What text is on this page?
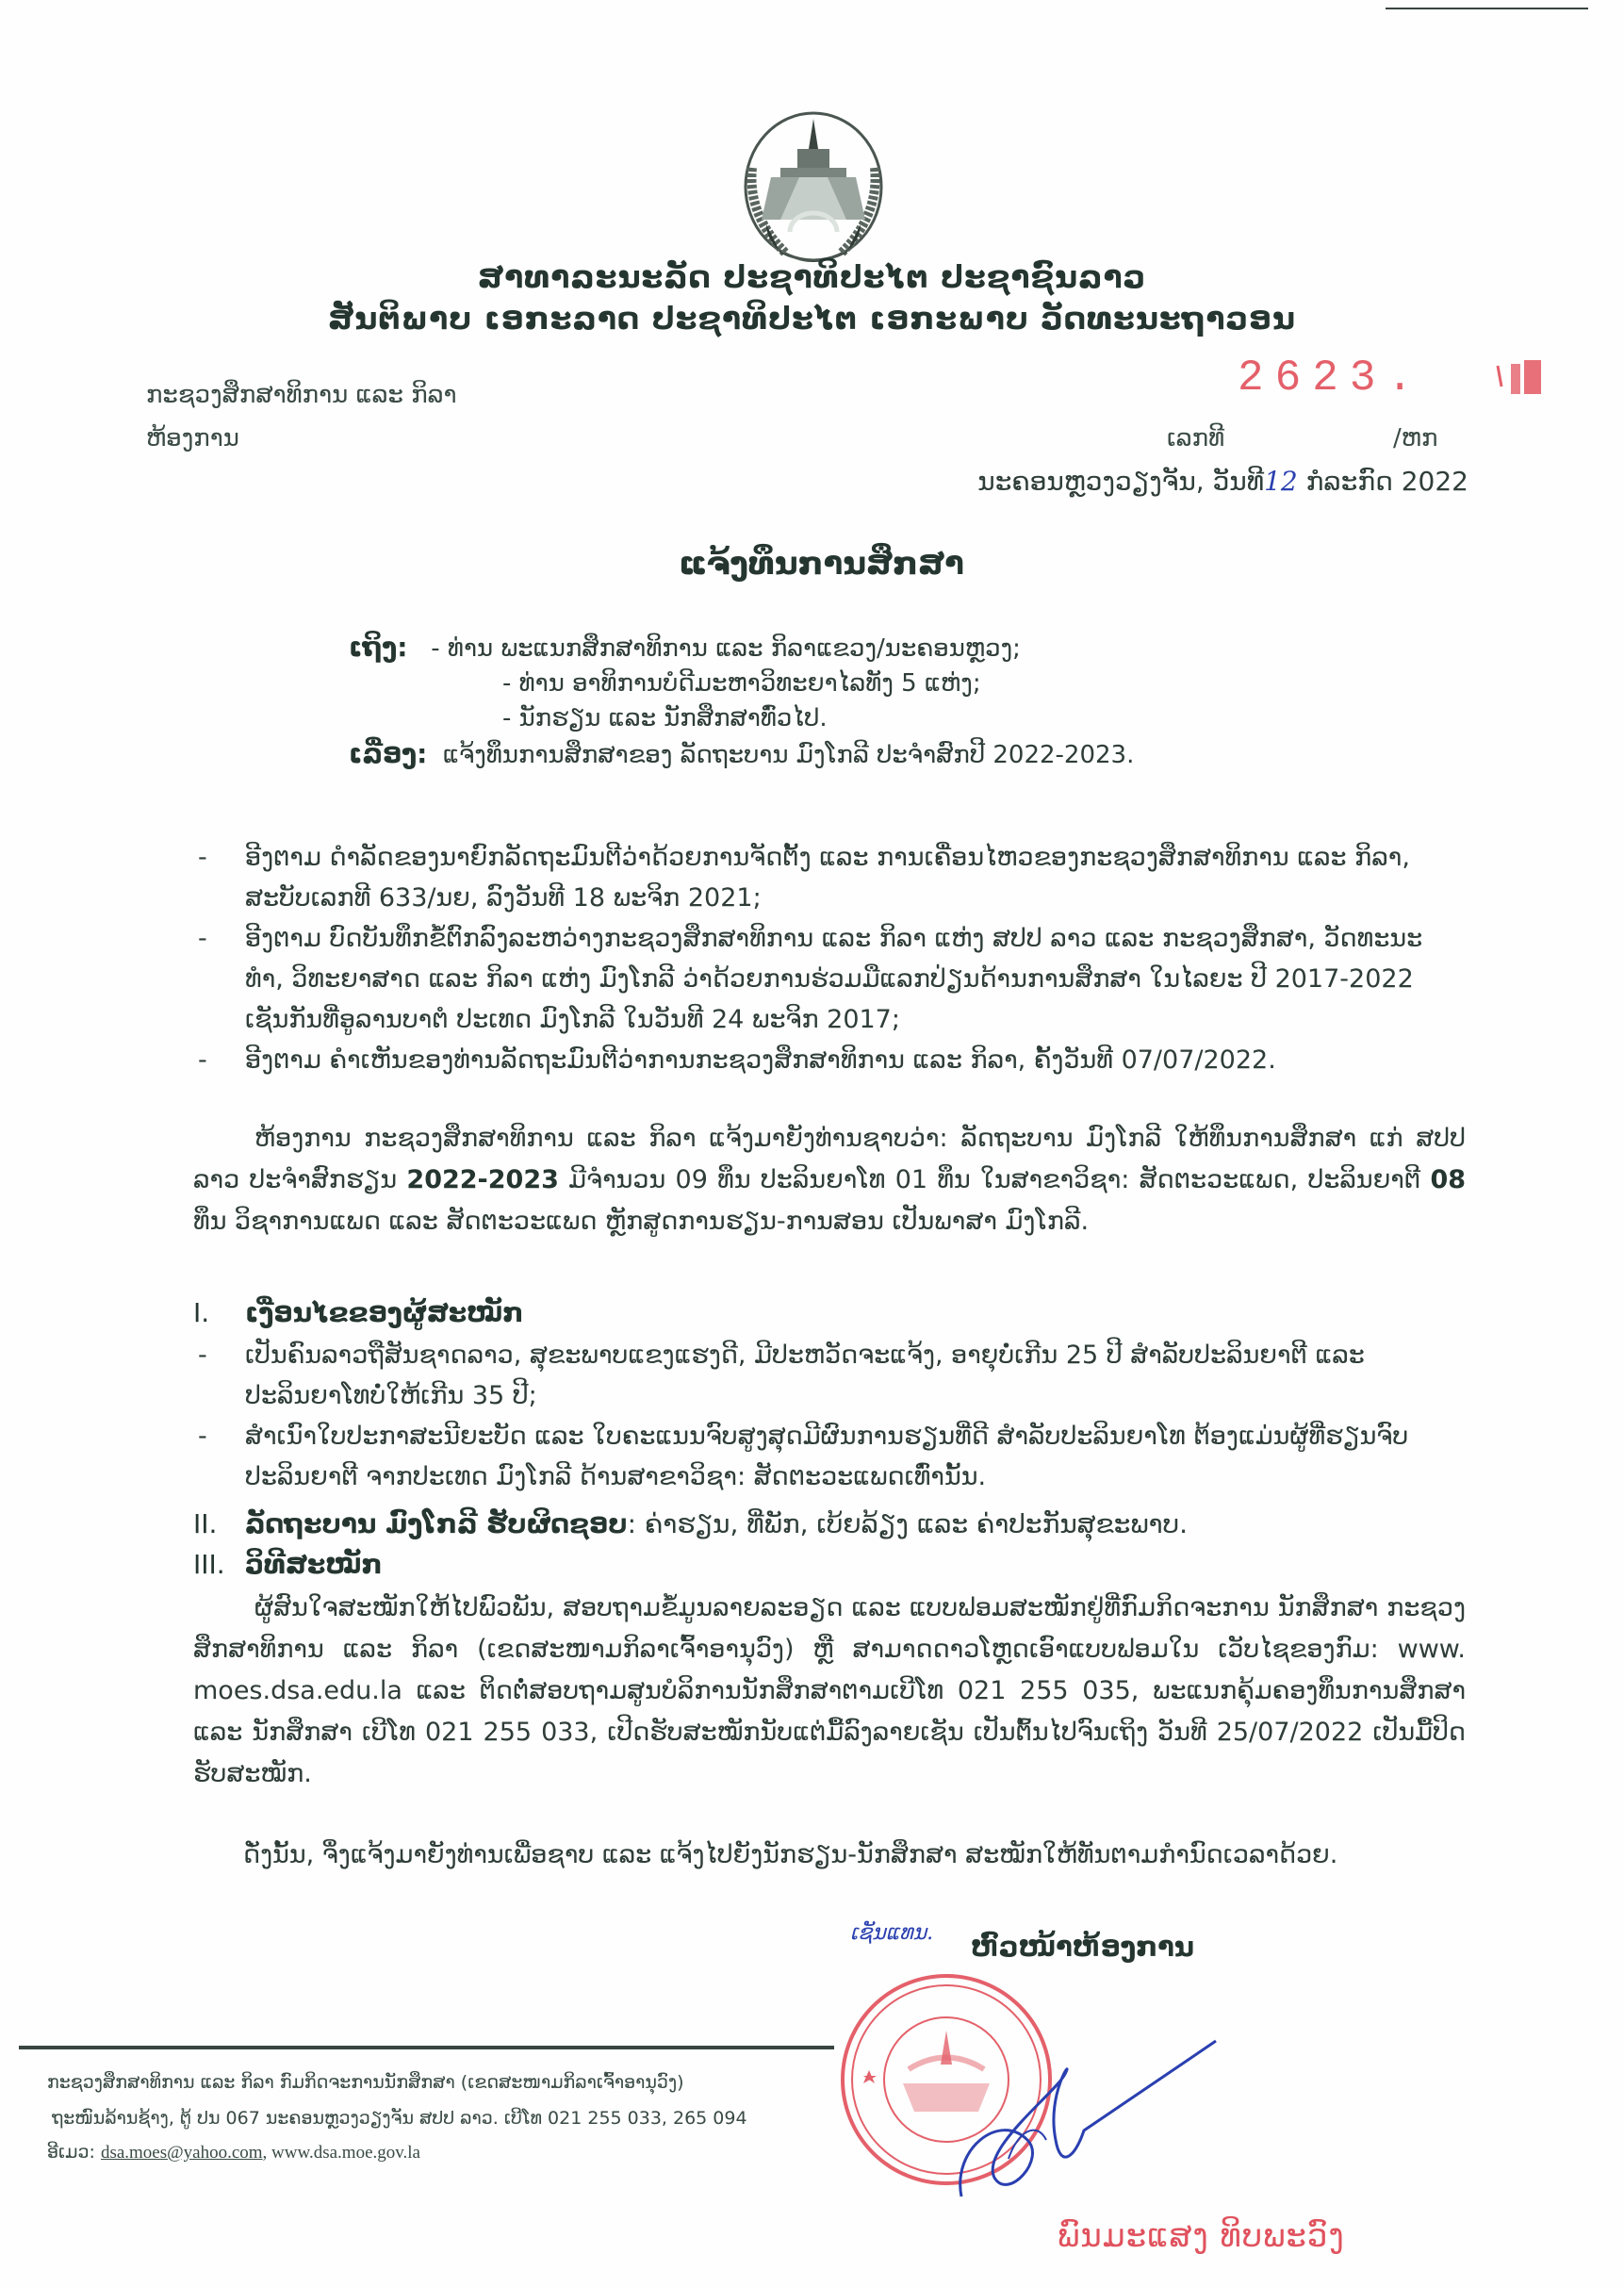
ສາທາລະນະລັດ ປະຊາທິປະໄຕ ປະຊາຊົນລາວ
ສັນຕິພາບ ເອກະລາດ ປະຊາທິປະໄຕ ເອກະພາບ ວັດທະນະຖາວອນ
ກະຊວງສຶກສາທິການ ແລະ ກິລາ
ຫ້ອງການ
2623.
ເລກທີ	/ຫກ
ນະຄອນຫຼວງວຽງຈັນ, ວັນທີ12 ກໍລະກົດ 2022
ແຈ້ງທຶນການສຶກສາ
ເຖິງ: - ທ່ານ ພະແນກສຶກສາທິການ ແລະ ກິລາແຂວງ/ນະຄອນຫຼວງ;
- ທ່ານ ອາທິການບໍດີມະຫາວິທະຍາໄລທັງ 5 ແຫ່ງ;
- ນັກຮຽນ ແລະ ນັກສຶກສາທົ່ວໄປ.
ເລື່ອງ: ແຈ້ງທຶນການສຶກສາຂອງ ລັດຖະບານ ມົງໂກລີ ປະຈໍາສົກປີ 2022-2023.
- ອີງຕາມ ດໍາລັດຂອງນາຍົກລັດຖະມົນຕີວ່າດ້ວຍການຈັດຕັ້ງ ແລະ ການເຄື່ອນໄຫວຂອງກະຊວງສຶກສາທິການ ແລະ ກິລາ, ສະບັບເລກທີ 633/ນຍ, ລົງວັນທີ 18 ພະຈິກ 2021;
- ອີງຕາມ ບົດບັນທຶກຂໍ້ຕົກລົງລະຫວ່າງກະຊວງສຶກສາທິການ ແລະ ກິລາ ແຫ່ງ ສປປ ລາວ ແລະ ກະຊວງສຶກສາ, ວັດທະນະທໍາ, ວິທະຍາສາດ ແລະ ກິລາ ແຫ່ງ ມົງໂກລີ ວ່າດ້ວຍການຮ່ວມມືແລກປ່ຽນດ້ານການສຶກສາ ໃນໄລຍະ ປີ 2017-2022 ເຊັນກັນທີ່ອູລານບາຕໍ ປະເທດ ມົງໂກລີ ໃນວັນທີ 24 ພະຈິກ 2017;
- ອີງຕາມ ຄໍາເຫັນຂອງທ່ານລັດຖະມົນຕີວ່າການກະຊວງສຶກສາທິການ ແລະ ກິລາ, ຄັ້ງວັນທີ 07/07/2022.
ຫ້ອງການ ກະຊວງສຶກສາທິການ ແລະ ກິລາ ແຈ້ງມາຍັງທ່ານຊາບວ່າ: ລັດຖະບານ ມົງໂກລີ ໃຫ້ທຶນການສຶກສາ ແກ່ ສປປ ລາວ ປະຈໍາສົກຮຽນ 2022-2023 ມີຈໍານວນ 09 ທຶນ ປະລິນຍາໂທ 01 ທຶນ ໃນສາຂາວິຊາ: ສັດຕະວະແພດ, ປະລິນຍາຕີ 08 ທຶນ ວິຊາການແພດ ແລະ ສັດຕະວະແພດ ຫຼັກສູດການຮຽນ-ການສອນ ເປັນພາສາ ມົງໂກລີ.
I. ເງື່ອນໄຂຂອງຜູ້ສະໝັກ
- ເປັນຄົນລາວຖືສັນຊາດລາວ, ສຸຂະພາບແຂງແຮງດີ, ມີປະຫວັດຈະແຈ້ງ, ອາຍຸບໍ່ເກີນ 25 ປີ ສໍາລັບປະລິນຍາຕີ ແລະ ປະລິນຍາໂທບໍ່ໃຫ້ເກີນ 35 ປີ;
- ສໍາເນົາໃບປະກາສະນີຍະບັດ ແລະ ໃບຄະແນນຈົບສູງສຸດມີຜົນການຮຽນທີ່ດີ ສໍາລັບປະລິນຍາໂທ ຕ້ອງແມ່ນຜູ້ທີ່ຮຽນຈົບປະລິນຍາຕີ ຈາກປະເທດ ມົງໂກລີ ດ້ານສາຂາວິຊາ: ສັດຕະວະແພດເທົ່ານັ້ນ.
II. ລັດຖະບານ ມົງໂກລີ ຮັບຜິດຊອບ: ຄ່າຮຽນ, ທີ່ພັກ, ເບ້ຍລ້ຽງ ແລະ ຄ່າປະກັນສຸຂະພາບ.
III. ວິທີສະໝັກ
ຜູ້ສົນໃຈສະໝັກໃຫ້ໄປພົວພັນ, ສອບຖາມຂໍ້ມູນລາຍລະອຽດ ແລະ ແບບຟອມສະໝັກຢູ່ທີ່ກົມກິດຈະການ ນັກສຶກສາ ກະຊວງສຶກສາທິການ ແລະ ກິລາ (ເຂດສະໜາມກິລາເຈົ້າອານຸວົງ) ຫຼື ສາມາດດາວໂຫຼດເອົາແບບຟອມໃນ ເວັບໄຊຂອງກົມ: www. moes.dsa.edu.la ແລະ ຕິດຕໍ່ສອບຖາມສູນບໍລິການນັກສຶກສາຕາມເບີໂທ 021 255 035, ພະແນກຄຸ້ມຄອງທຶນການສຶກສາ ແລະ ນັກສຶກສາ ເບີໂທ 021 255 033, ເປີດຮັບສະໝັກນັບແຕ່ມື້ລົງລາຍເຊັນ ເປັນຕົ້ນໄປຈົນເຖິງ ວັນທີ 25/07/2022 ເປັນມື້ປິດຮັບສະໝັກ.
ດັ່ງນັ້ນ, ຈຶ່ງແຈ້ງມາຍັງທ່ານເພື່ອຊາບ ແລະ ແຈ້ງໄປຍັງນັກຮຽນ-ນັກສຶກສາ ສະໝັກໃຫ້ທັນຕາມກໍານົດເວລາດ້ວຍ.
ເຊັນແທນ. ຫົວໜ້າຫ້ອງການ
ພົນມະແສງ ທິບພະວົງ
ກະຊວງສຶກສາທິການ ແລະ ກິລາ ກົມກິດຈະການນັກສຶກສາ (ເຂດສະໜາມກິລາເຈົ້າອານຸວົງ)
ຖະໜົນລ້ານຊ້າງ, ຕູ້ ປນ 067 ນະຄອນຫຼວງວຽງຈັນ ສປປ ລາວ. ເບີໂທ 021 255 033, 265 094
ອີເມວ: dsa.moes@yahoo.com, www.dsa.moe.gov.la
